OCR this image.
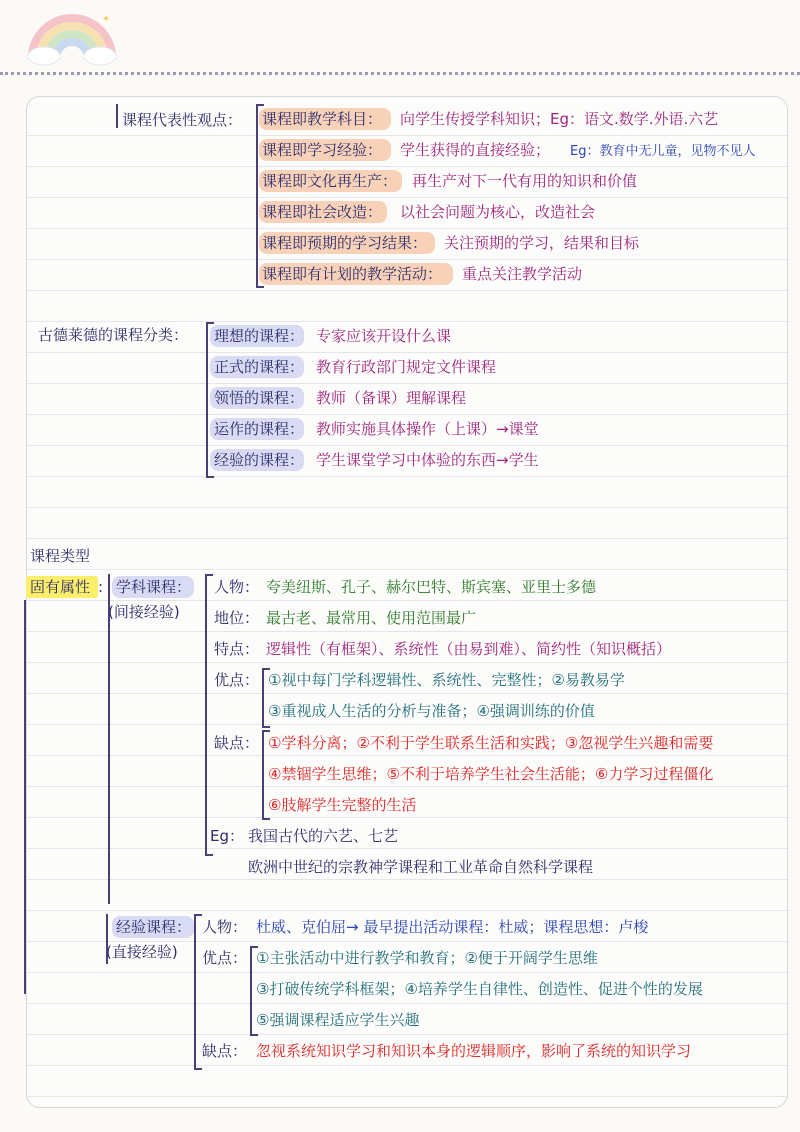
✦
课程代表性观点： 课程即教学科目： 向学生传授学科知识；Eg：语文.数学.外语.六艺
课程即学习经验： 学生获得的直接经验； Eg：教育中无儿童，见物不见人
课程即文化再生产： 再生产对下一代有用的知识和价值
课程即社会改造： 以社会问题为核心，改造社会
课程即预期的学习结果： 关注预期的学习，结果和目标
课程即有计划的教学活动： 重点关注教学活动
古德莱德的课程分类： 理想的课程： 专家应该开设什么课
正式的课程： 教育行政部门规定文件课程
领悟的课程： 教师（备课）理解课程
运作的课程： 教师实施具体操作（上课）→课堂
经验的课程： 学生课堂学习中体验的东西→学生
课程类型
固有属性 : 学科课程：
(间接经验)
人物： 夸美纽斯、孔子、赫尔巴特、斯宾塞、亚里士多德
地位： 最古老、最常用、使用范围最广
特点： 逻辑性（有框架）、系统性（由易到难）、简约性（知识概括）
优点： ①视中每门学科逻辑性、系统性、完整性；②易教易学
③重视成人生活的分析与准备；④强调训练的价值
缺点： ①学科分离；②不利于学生联系生活和实践；③忽视学生兴趣和需要
④禁锢学生思维；⑤不利于培养学生社会生活能；⑥力学习过程僵化
⑥肢解学生完整的生活
Eg： 我国古代的六艺、七艺
欧洲中世纪的宗教神学课程和工业革命自然科学课程
经验课程：
(直接经验)
人物： 杜威、克伯屈→ 最早提出活动课程：杜威；课程思想：卢梭
优点： ①主张活动中进行教学和教育；②便于开阔学生思维
③打破传统学科框架；④培养学生自律性、创造性、促进个性的发展
⑤强调课程适应学生兴趣
缺点： 忽视系统知识学习和知识本身的逻辑顺序，影响了系统的知识学习
